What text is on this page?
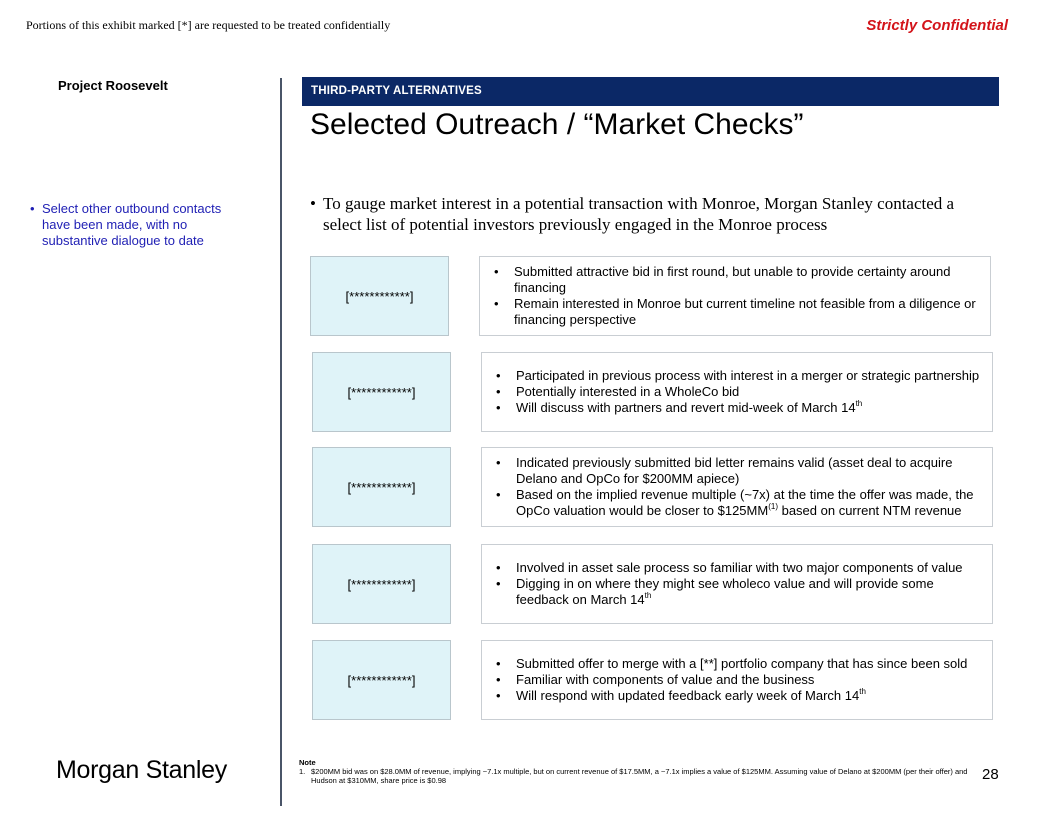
Portions of this exhibit marked [*] are requested to be treated confidentially	Strictly Confidential
Project Roosevelt
• Select other outbound contacts have been made, with no substantive dialogue to date
THIRD-PARTY ALTERNATIVES
Selected Outreach / “Market Checks”
• To gauge market interest in a potential transaction with Monroe, Morgan Stanley contacted a select list of potential investors previously engaged in the Monroe process
[************]
•	Submitted attractive bid in first round, but unable to provide certainty around financing
•	Remain interested in Monroe but current timeline not feasible from a diligence or financing perspective
[************]
•	Participated in previous process with interest in a merger or strategic partnership
•	Potentially interested in a WholeCo bid
•	Will discuss with partners and revert mid-week of March 14th
[************]
•	Indicated previously submitted bid letter remains valid (asset deal to acquire Delano and OpCo for $200MM apiece)
•	Based on the implied revenue multiple (~7x) at the time the offer was made, the OpCo valuation would be closer to $125MM$^{(1)}$ based on current NTM revenue
[************]
•	Involved in asset sale process so familiar with two major components of value
•	Digging in on where they might see wholeco value and will provide some feedback on March 14th
[************]
•	Submitted offer to merge with a [**] portfolio company that has since been sold
•	Familiar with components of value and the business
•	Will respond with updated feedback early week of March 14th
Morgan Stanley	Note
1. $200MM bid was on $28.0MM of revenue, implying ~7.1x multiple, but on current revenue of $17.5MM, a ~7.1x implies a value of $125MM. Assuming value of Delano at $200MM (per their offer) and Hudson at $310MM, share price is $0.98	28
